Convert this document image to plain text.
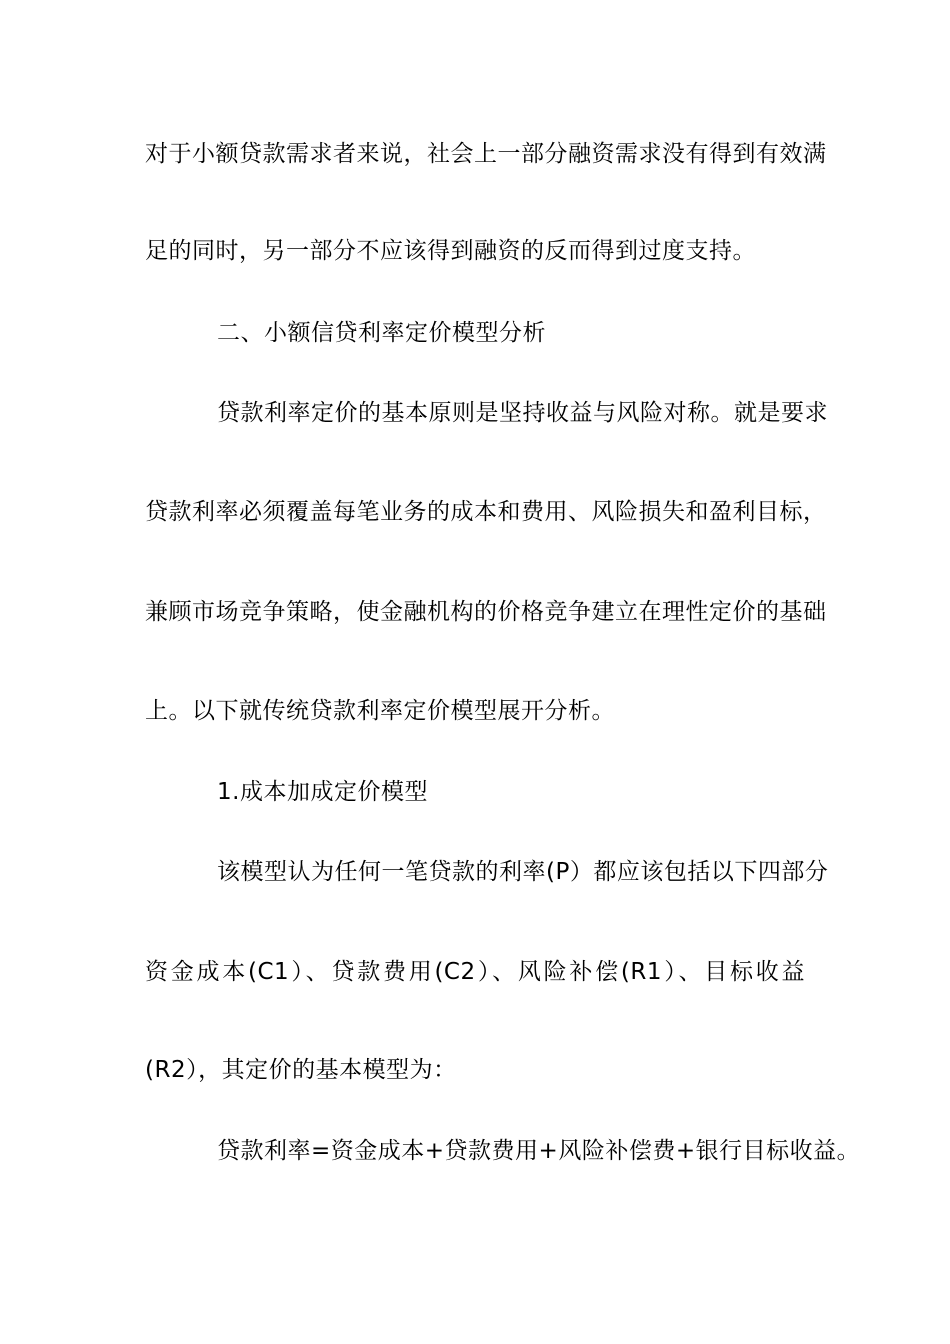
对于小额贷款需求者来说，社会上一部分融资需求没有得到有效满
足的同时，另一部分不应该得到融资的反而得到过度支持。
二、小额信贷利率定价模型分析
贷款利率定价的基本原则是坚持收益与风险对称。就是要求
贷款利率必须覆盖每笔业务的成本和费用、风险损失和盈利目标，
兼顾市场竞争策略，使金融机构的价格竞争建立在理性定价的基础
上。以下就传统贷款利率定价模型展开分析。
1.成本加成定价模型
该模型认为任何一笔贷款的利率(P）都应该包括以下四部分
资金成本(C1）、贷款费用(C2）、风险补偿(R1）、目标收益
(R2），其定价的基本模型为：
贷款利率=资金成本+贷款费用+风险补偿费+银行目标收益。
